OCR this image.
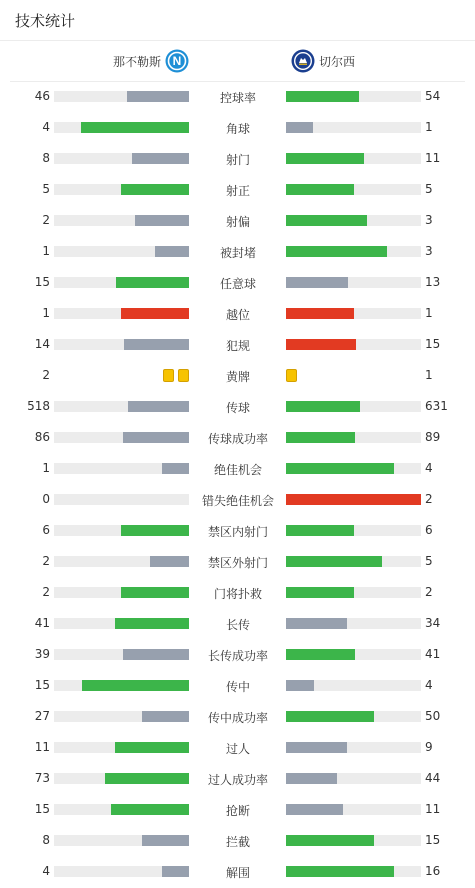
技术统计
那不勒斯 N	切尔西
46	控球率	54
4	角球	1
8	射门	11
5	射正	5
2	射偏	3
1	被封堵	3
15	任意球	13
1	越位	1
14	犯规	15
2	黄牌	1
518	传球	631
86	传球成功率	89
1	绝佳机会	4
0	错失绝佳机会	2
6	禁区内射门	6
2	禁区外射门	5
2	门将扑救	2
41	长传	34
39	长传成功率	41
15	传中	4
27	传中成功率	50
11	过人	9
73	过人成功率	44
15	抢断	11
8	拦截	15
4	解围	16
